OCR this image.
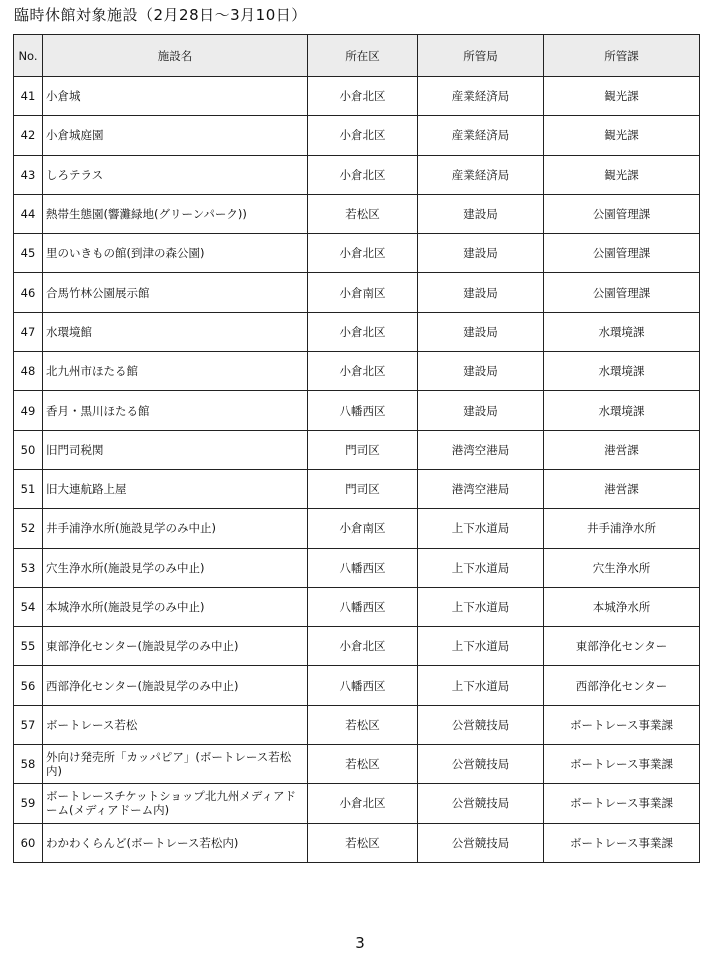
臨時休館対象施設（2月28日～3月10日）
No.	施設名	所在区	所管局	所管課
41	小倉城	小倉北区	産業経済局	観光課
42	小倉城庭園	小倉北区	産業経済局	観光課
43	しろテラス	小倉北区	産業経済局	観光課
44	熱帯生態園(響灘緑地(グリーンパーク))	若松区	建設局	公園管理課
45	里のいきもの館(到津の森公園)	小倉北区	建設局	公園管理課
46	合馬竹林公園展示館	小倉南区	建設局	公園管理課
47	水環境館	小倉北区	建設局	水環境課
48	北九州市ほたる館	小倉北区	建設局	水環境課
49	香月・黒川ほたる館	八幡西区	建設局	水環境課
50	旧門司税関	門司区	港湾空港局	港営課
51	旧大連航路上屋	門司区	港湾空港局	港営課
52	井手浦浄水所(施設見学のみ中止)	小倉南区	上下水道局	井手浦浄水所
53	穴生浄水所(施設見学のみ中止)	八幡西区	上下水道局	穴生浄水所
54	本城浄水所(施設見学のみ中止)	八幡西区	上下水道局	本城浄水所
55	東部浄化センター(施設見学のみ中止)	小倉北区	上下水道局	東部浄化センター
56	西部浄化センター(施設見学のみ中止)	八幡西区	上下水道局	西部浄化センター
57	ボートレース若松	若松区	公営競技局	ボートレース事業課
58	外向け発売所「カッパピア」(ボートレース若松内)	若松区	公営競技局	ボートレース事業課
59	ボートレースチケットショップ北九州メディアドーム(メディアドーム内)	小倉北区	公営競技局	ボートレース事業課
60	わかわくらんど(ボートレース若松内)	若松区	公営競技局	ボートレース事業課
3
